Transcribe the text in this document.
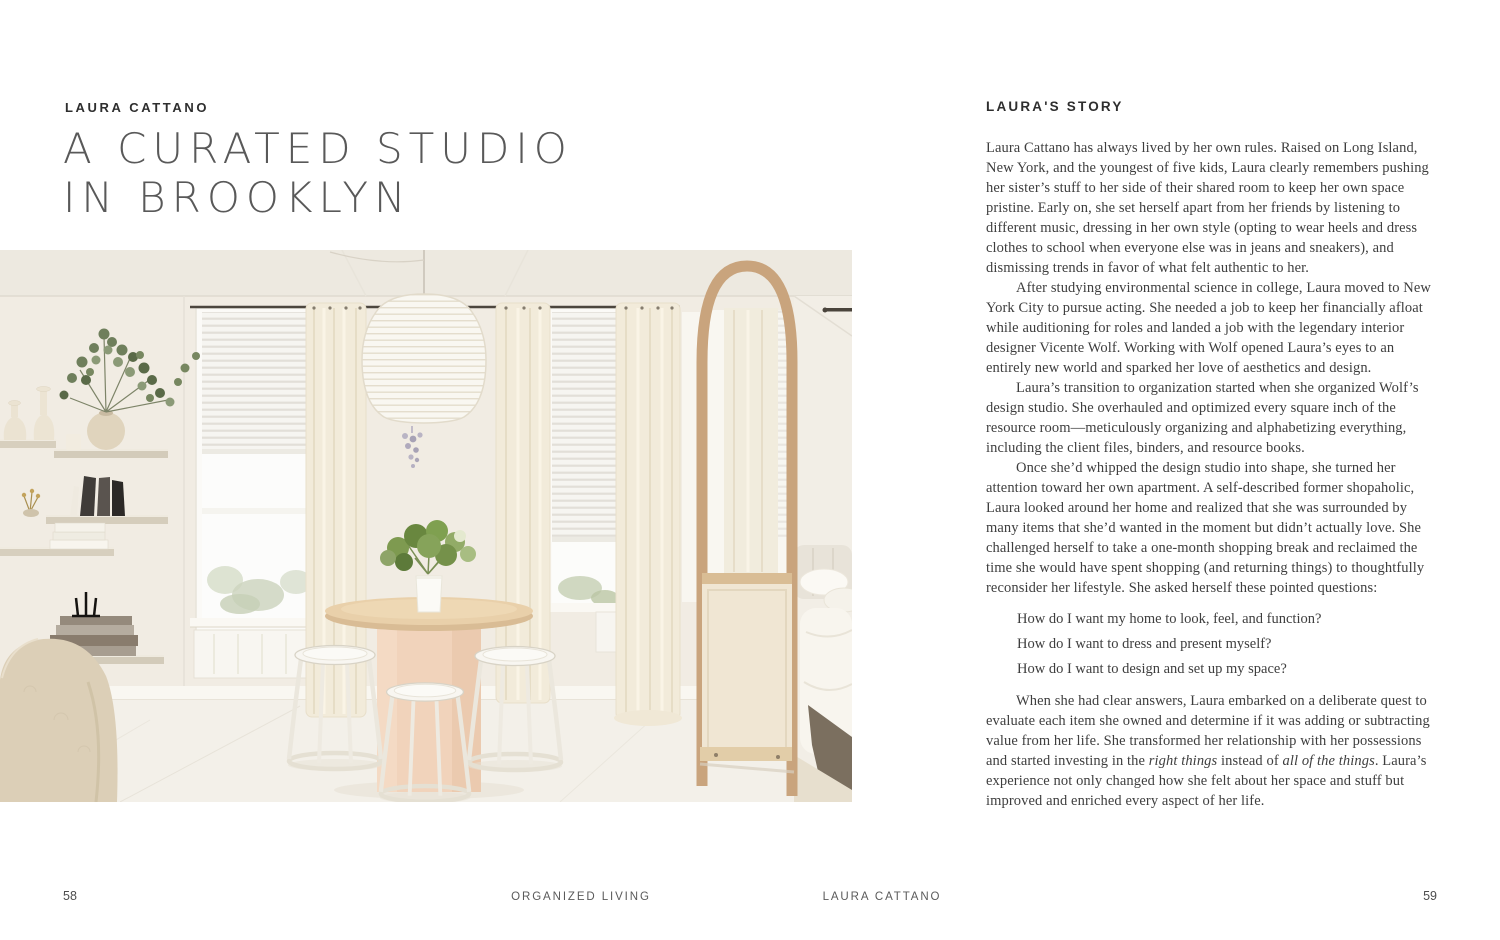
LAURA CATTANO
A CURATED STUDIO
IN BROOKLYN
LAURA'S STORY

Laura Cattano has always lived by her own rules. Raised on Long Island, New York, and the youngest of five kids, Laura clearly remembers pushing her sister’s stuff to her side of their shared room to keep her own space pristine. Early on, she set herself apart from her friends by listening to different music, dressing in her own style (opting to wear heels and dress clothes to school when everyone else was in jeans and sneakers), and dismissing trends in favor of what felt authentic to her.

After studying environmental science in college, Laura moved to New York City to pursue acting. She needed a job to keep her financially afloat while auditioning for roles and landed a job with the legendary interior designer Vicente Wolf. Working with Wolf opened Laura’s eyes to an entirely new world and sparked her love of aesthetics and design.

Laura’s transition to organization started when she organized Wolf’s design studio. She overhauled and optimized every square inch of the resource room—meticulously organizing and alphabetizing everything, including the client files, binders, and resource books.

Once she’d whipped the design studio into shape, she turned her attention toward her own apartment. A self-described former shopaholic, Laura looked around her home and realized that she was surrounded by many items that she’d wanted in the moment but didn’t actually love. She challenged herself to take a one-month shopping break and reclaimed the time she would have spent shopping (and returning things) to thoughtfully reconsider her lifestyle. She asked herself these pointed questions:

How do I want my home to look, feel, and function?
How do I want to dress and present myself?
How do I want to design and set up my space?

When she had clear answers, Laura embarked on a deliberate quest to evaluate each item she owned and determine if it was adding or subtracting value from her life. She transformed her relationship with her possessions and started investing in the right things instead of all of the things. Laura’s experience not only changed how she felt about her space and stuff but improved and enriched every aspect of her life.

58	ORGANIZED LIVING	LAURA CATTANO	59
